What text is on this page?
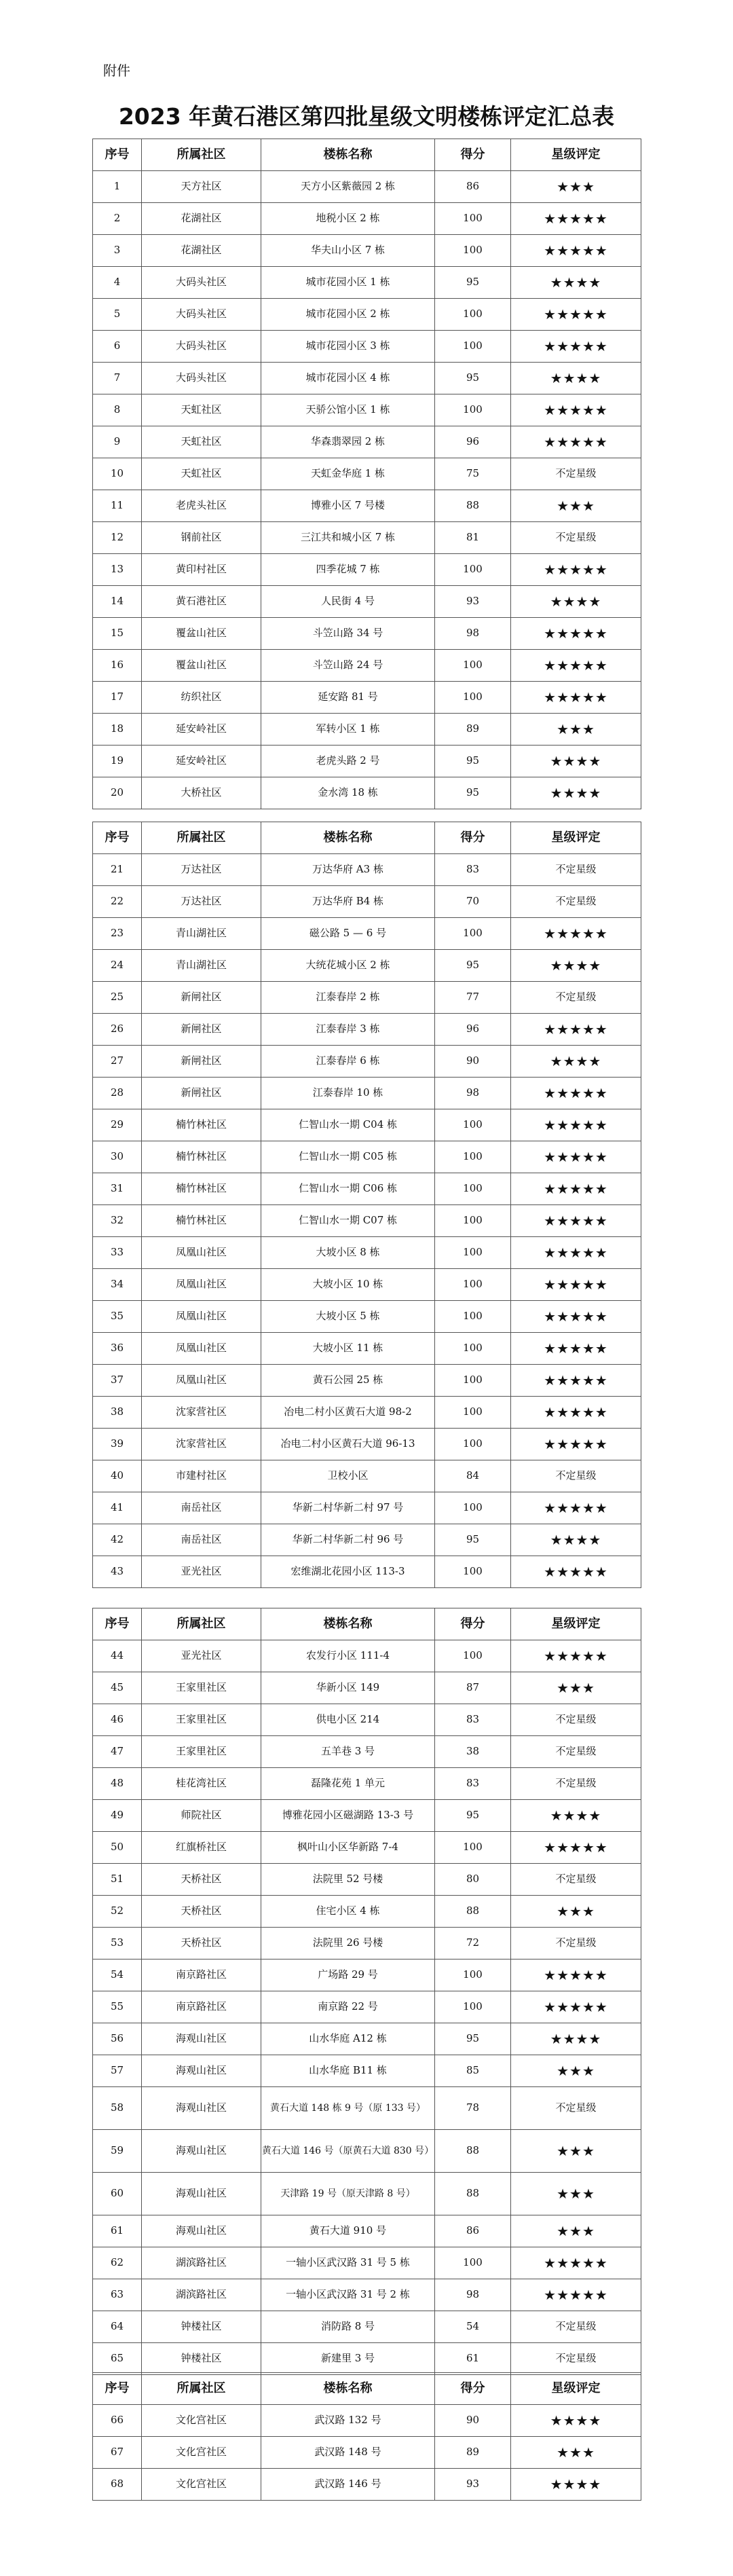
附件
2023 年黄石港区第四批星级文明楼栋评定汇总表
序号	所属社区	楼栋名称	得分	星级评定
1	天方社区	天方小区紫薇园 2 栋	86	★★★
2	花湖社区	地税小区 2 栋	100	★★★★★
3	花湖社区	华夫山小区 7 栋	100	★★★★★
4	大码头社区	城市花园小区 1 栋	95	★★★★
5	大码头社区	城市花园小区 2 栋	100	★★★★★
6	大码头社区	城市花园小区 3 栋	100	★★★★★
7	大码头社区	城市花园小区 4 栋	95	★★★★
8	天虹社区	天骄公馆小区 1 栋	100	★★★★★
9	天虹社区	华森翡翠园 2 栋	96	★★★★★
10	天虹社区	天虹金华庭 1 栋	75	不定星级
11	老虎头社区	博雅小区 7 号楼	88	★★★
12	钢前社区	三江共和城小区 7 栋	81	不定星级
13	黄印村社区	四季花城 7 栋	100	★★★★★
14	黄石港社区	人民街 4 号	93	★★★★
15	覆盆山社区	斗笠山路 34 号	98	★★★★★
16	覆盆山社区	斗笠山路 24 号	100	★★★★★
17	纺织社区	延安路 81 号	100	★★★★★
18	延安岭社区	军转小区 1 栋	89	★★★
19	延安岭社区	老虎头路 2 号	95	★★★★
20	大桥社区	金水湾 18 栋	95	★★★★
序号	所属社区	楼栋名称	得分	星级评定
21	万达社区	万达华府 A3 栋	83	不定星级
22	万达社区	万达华府 B4 栋	70	不定星级
23	青山湖社区	磁公路 5 — 6 号	100	★★★★★
24	青山湖社区	大统花城小区 2 栋	95	★★★★
25	新闸社区	江泰春岸 2 栋	77	不定星级
26	新闸社区	江泰春岸 3 栋	96	★★★★★
27	新闸社区	江泰春岸 6 栋	90	★★★★
28	新闸社区	江泰春岸 10 栋	98	★★★★★
29	楠竹林社区	仁智山水一期 C04 栋	100	★★★★★
30	楠竹林社区	仁智山水一期 C05 栋	100	★★★★★
31	楠竹林社区	仁智山水一期 C06 栋	100	★★★★★
32	楠竹林社区	仁智山水一期 C07 栋	100	★★★★★
33	凤凰山社区	大坡小区 8 栋	100	★★★★★
34	凤凰山社区	大坡小区 10 栋	100	★★★★★
35	凤凰山社区	大坡小区 5 栋	100	★★★★★
36	凤凰山社区	大坡小区 11 栋	100	★★★★★
37	凤凰山社区	黄石公园 25 栋	100	★★★★★
38	沈家营社区	冶电二村小区黄石大道 98-2	100	★★★★★
39	沈家营社区	冶电二村小区黄石大道 96-13	100	★★★★★
40	市建村社区	卫校小区	84	不定星级
41	南岳社区	华新二村华新二村 97 号	100	★★★★★
42	南岳社区	华新二村华新二村 96 号	95	★★★★
43	亚光社区	宏维湖北花园小区 113-3	100	★★★★★
序号	所属社区	楼栋名称	得分	星级评定
44	亚光社区	农发行小区 111-4	100	★★★★★
45	王家里社区	华新小区 149	87	★★★
46	王家里社区	供电小区 214	83	不定星级
47	王家里社区	五羊巷 3 号	38	不定星级
48	桂花湾社区	磊隆花苑 1 单元	83	不定星级
49	师院社区	博雅花园小区磁湖路 13-3 号	95	★★★★
50	红旗桥社区	枫叶山小区华新路 7-4	100	★★★★★
51	天桥社区	法院里 52 号楼	80	不定星级
52	天桥社区	住宅小区 4 栋	88	★★★
53	天桥社区	法院里 26 号楼	72	不定星级
54	南京路社区	广场路 29 号	100	★★★★★
55	南京路社区	南京路 22 号	100	★★★★★
56	海观山社区	山水华庭 A12 栋	95	★★★★
57	海观山社区	山水华庭 B11 栋	85	★★★
58	海观山社区	黄石大道 148 栋 9 号（原 133 号）	78	不定星级
59	海观山社区	黄石大道 146 号（原黄石大道 830 号）	88	★★★
60	海观山社区	天津路 19 号（原天津路 8 号）	88	★★★
61	海观山社区	黄石大道 910 号	86	★★★
62	湖滨路社区	一轴小区武汉路 31 号 5 栋	100	★★★★★
63	湖滨路社区	一轴小区武汉路 31 号 2 栋	98	★★★★★
64	钟楼社区	消防路 8 号	54	不定星级
65	钟楼社区	新建里 3 号	61	不定星级
序号	所属社区	楼栋名称	得分	星级评定
66	文化宫社区	武汉路 132 号	90	★★★★
67	文化宫社区	武汉路 148 号	89	★★★
68	文化宫社区	武汉路 146 号	93	★★★★
